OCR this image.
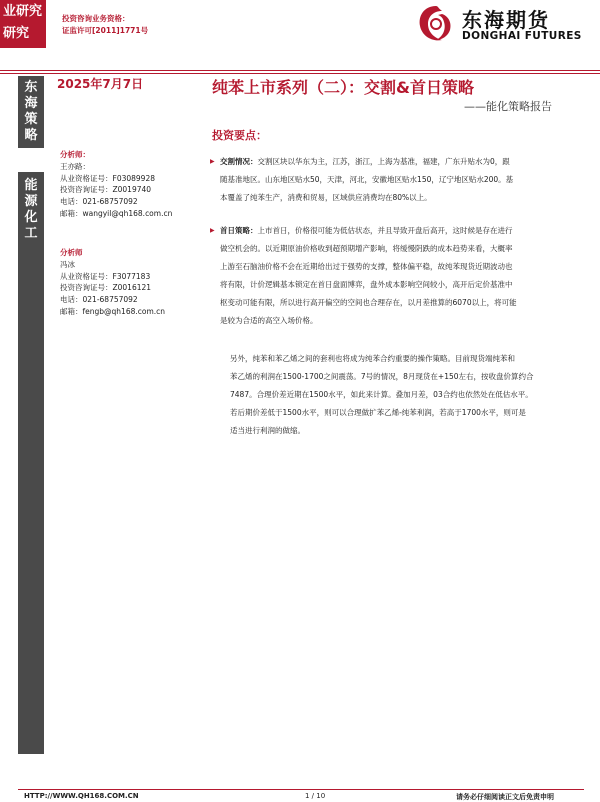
业研究
研究
投资咨询业务资格：
证监许可[2011]1771号	东海期货
DONGHAI FUTURES
东
海
策
略
能
源
化
工
2025年7月7日	纯苯上市系列（二）：交割&首日策略
——能化策略报告
分析师：
王亦路：
从业资格证号：F03089928
投资咨询证号：Z0019740
电话：021-68757092
邮箱：wangyil@qh168.com.cn
分析师
冯冰
从业资格证号：F3077183
投资咨询证号：Z0016121
电话：021-68757092
邮箱：fengb@qh168.com.cn
投资要点：
▶ 交割情况：交割区块以华东为主，江苏，浙江，上海为基准，福建，广东升贴水为0，跟
随基准地区。山东地区贴水50，天津，河北，安徽地区贴水150，辽宁地区贴水200。基
本覆盖了纯苯生产，消费和贸易，区域供应消费均在80%以上。
▶ 首日策略：上市首日，价格很可能为低估状态，并且导致开盘后高开，这时候是存在进行
做空机会的。以近期原油价格收到超预期增产影响，将缓慢阴跌的成本趋势来看，大概率
上游至石脑油价格不会在近期给出过于强势的支撑，整体偏平稳，故纯苯现货近期波动也
将有限，计价逻辑基本锁定在首日盘面博弈，盘外成本影响空间较小，高开后定价基准中
枢变动可能有限，所以进行高开偏空的空间也合理存在，以月差推算的6070以上，将可能
是较为合适的高空入场价格。
另外，纯苯和苯乙烯之间的套利也将成为纯苯合约重要的操作策略。目前现货端纯苯和
苯乙烯的利润在1500-1700之间震荡。7号的情况，8月现货在+150左右，按收盘价算约合
7487。合理价差近期在1500水平，如此来计算。叠加月差，03合约也依然处在低估水平。
若后期价差低于1500水平，则可以合理做扩苯乙烯-纯苯利润，若高于1700水平，则可是
适当进行利润的做缩。
HTTP://WWW.QH168.COM.CN	1 / 10	请务必仔细阅读正文后免责申明
